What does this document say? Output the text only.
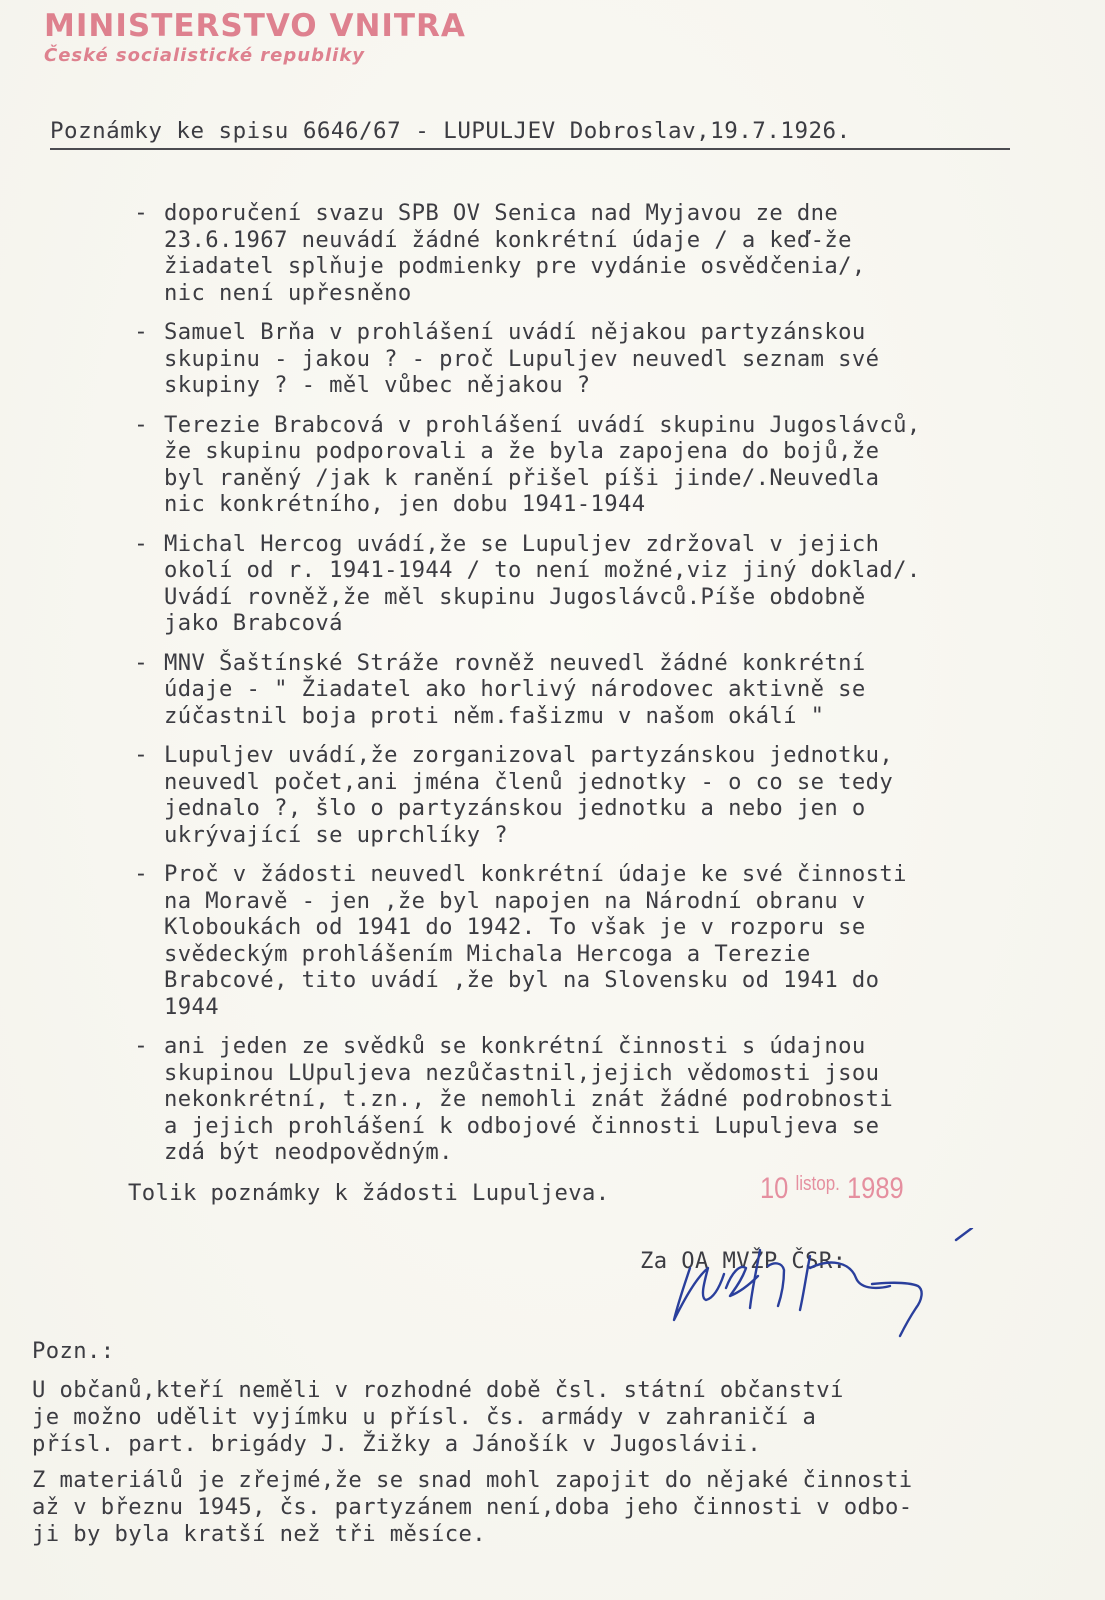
MINISTERSTVO VNITRA
České socialistické republiky
Poznámky ke spisu 6646/67 - LUPULJEV Dobroslav,19.7.1926.
- doporučení svazu SPB OV Senica nad Myjavou ze dne
23.6.1967 neuvádí žádné konkrétní údaje / a keď-že
žiadatel splňuje podmienky pre vydánie osvědčenia/,
nic není upřesněno
- Samuel Brňa v prohlášení uvádí nějakou partyzánskou
skupinu - jakou ? - proč Lupuljev neuvedl seznam své
skupiny ? - měl vůbec nějakou ?
- Terezie Brabcová v prohlášení uvádí skupinu Jugoslávců,
že skupinu podporovali a že byla zapojena do bojů,že
byl raněný /jak k ranění přišel píši jinde/.Neuvedla
nic konkrétního, jen dobu 1941-1944
- Michal Hercog uvádí,že se Lupuljev zdržoval v jejich
okolí od r. 1941-1944 / to není možné,viz jiný doklad/.
Uvádí rovněž,že měl skupinu Jugoslávců.Píše obdobně
jako Brabcová
- MNV Šaštínské Stráže rovněž neuvedl žádné konkrétní
údaje - " Žiadatel ako horlivý národovec aktivně se
zúčastnil boja proti něm.fašizmu v našom okálí "
- Lupuljev uvádí,že zorganizoval partyzánskou jednotku,
neuvedl počet,ani jména členů jednotky - o co se tedy
jednalo ?, šlo o partyzánskou jednotku a nebo jen o
ukrývající se uprchlíky ?
- Proč v žádosti neuvedl konkrétní údaje ke své činnosti
na Moravě - jen ,že byl napojen na Národní obranu v
Kloboukách od 1941 do 1942. To však je v rozporu se
svědeckým prohlášením Michala Hercoga a Terezie
Brabcové, tito uvádí ,že byl na Slovensku od 1941 do
1944
- ani jeden ze svědků se konkrétní činnosti s údajnou
skupinou LUpuljeva nezůčastnil,jejich vědomosti jsou
nekonkrétní, t.zn., že nemohli znát žádné podrobnosti
a jejich prohlášení k odbojové činnosti Lupuljeva se
zdá být neodpovědným.
Tolik poznámky k žádosti Lupuljeva.	10 $^{listop.}$ 1989
Za OA MVŽP ČSR:
Pozn.:
U občanů,kteří neměli v rozhodné době čsl. státní občanství
je možno udělit vyjímku u přísl. čs. armády v zahraničí a
přísl. part. brigády J. Žižky a Jánošík v Jugoslávii.
Z materiálů je zřejmé,že se snad mohl zapojit do nějaké činnosti
až v březnu 1945, čs. partyzánem není,doba jeho činnosti v odbo-
ji by byla kratší než tři měsíce.
